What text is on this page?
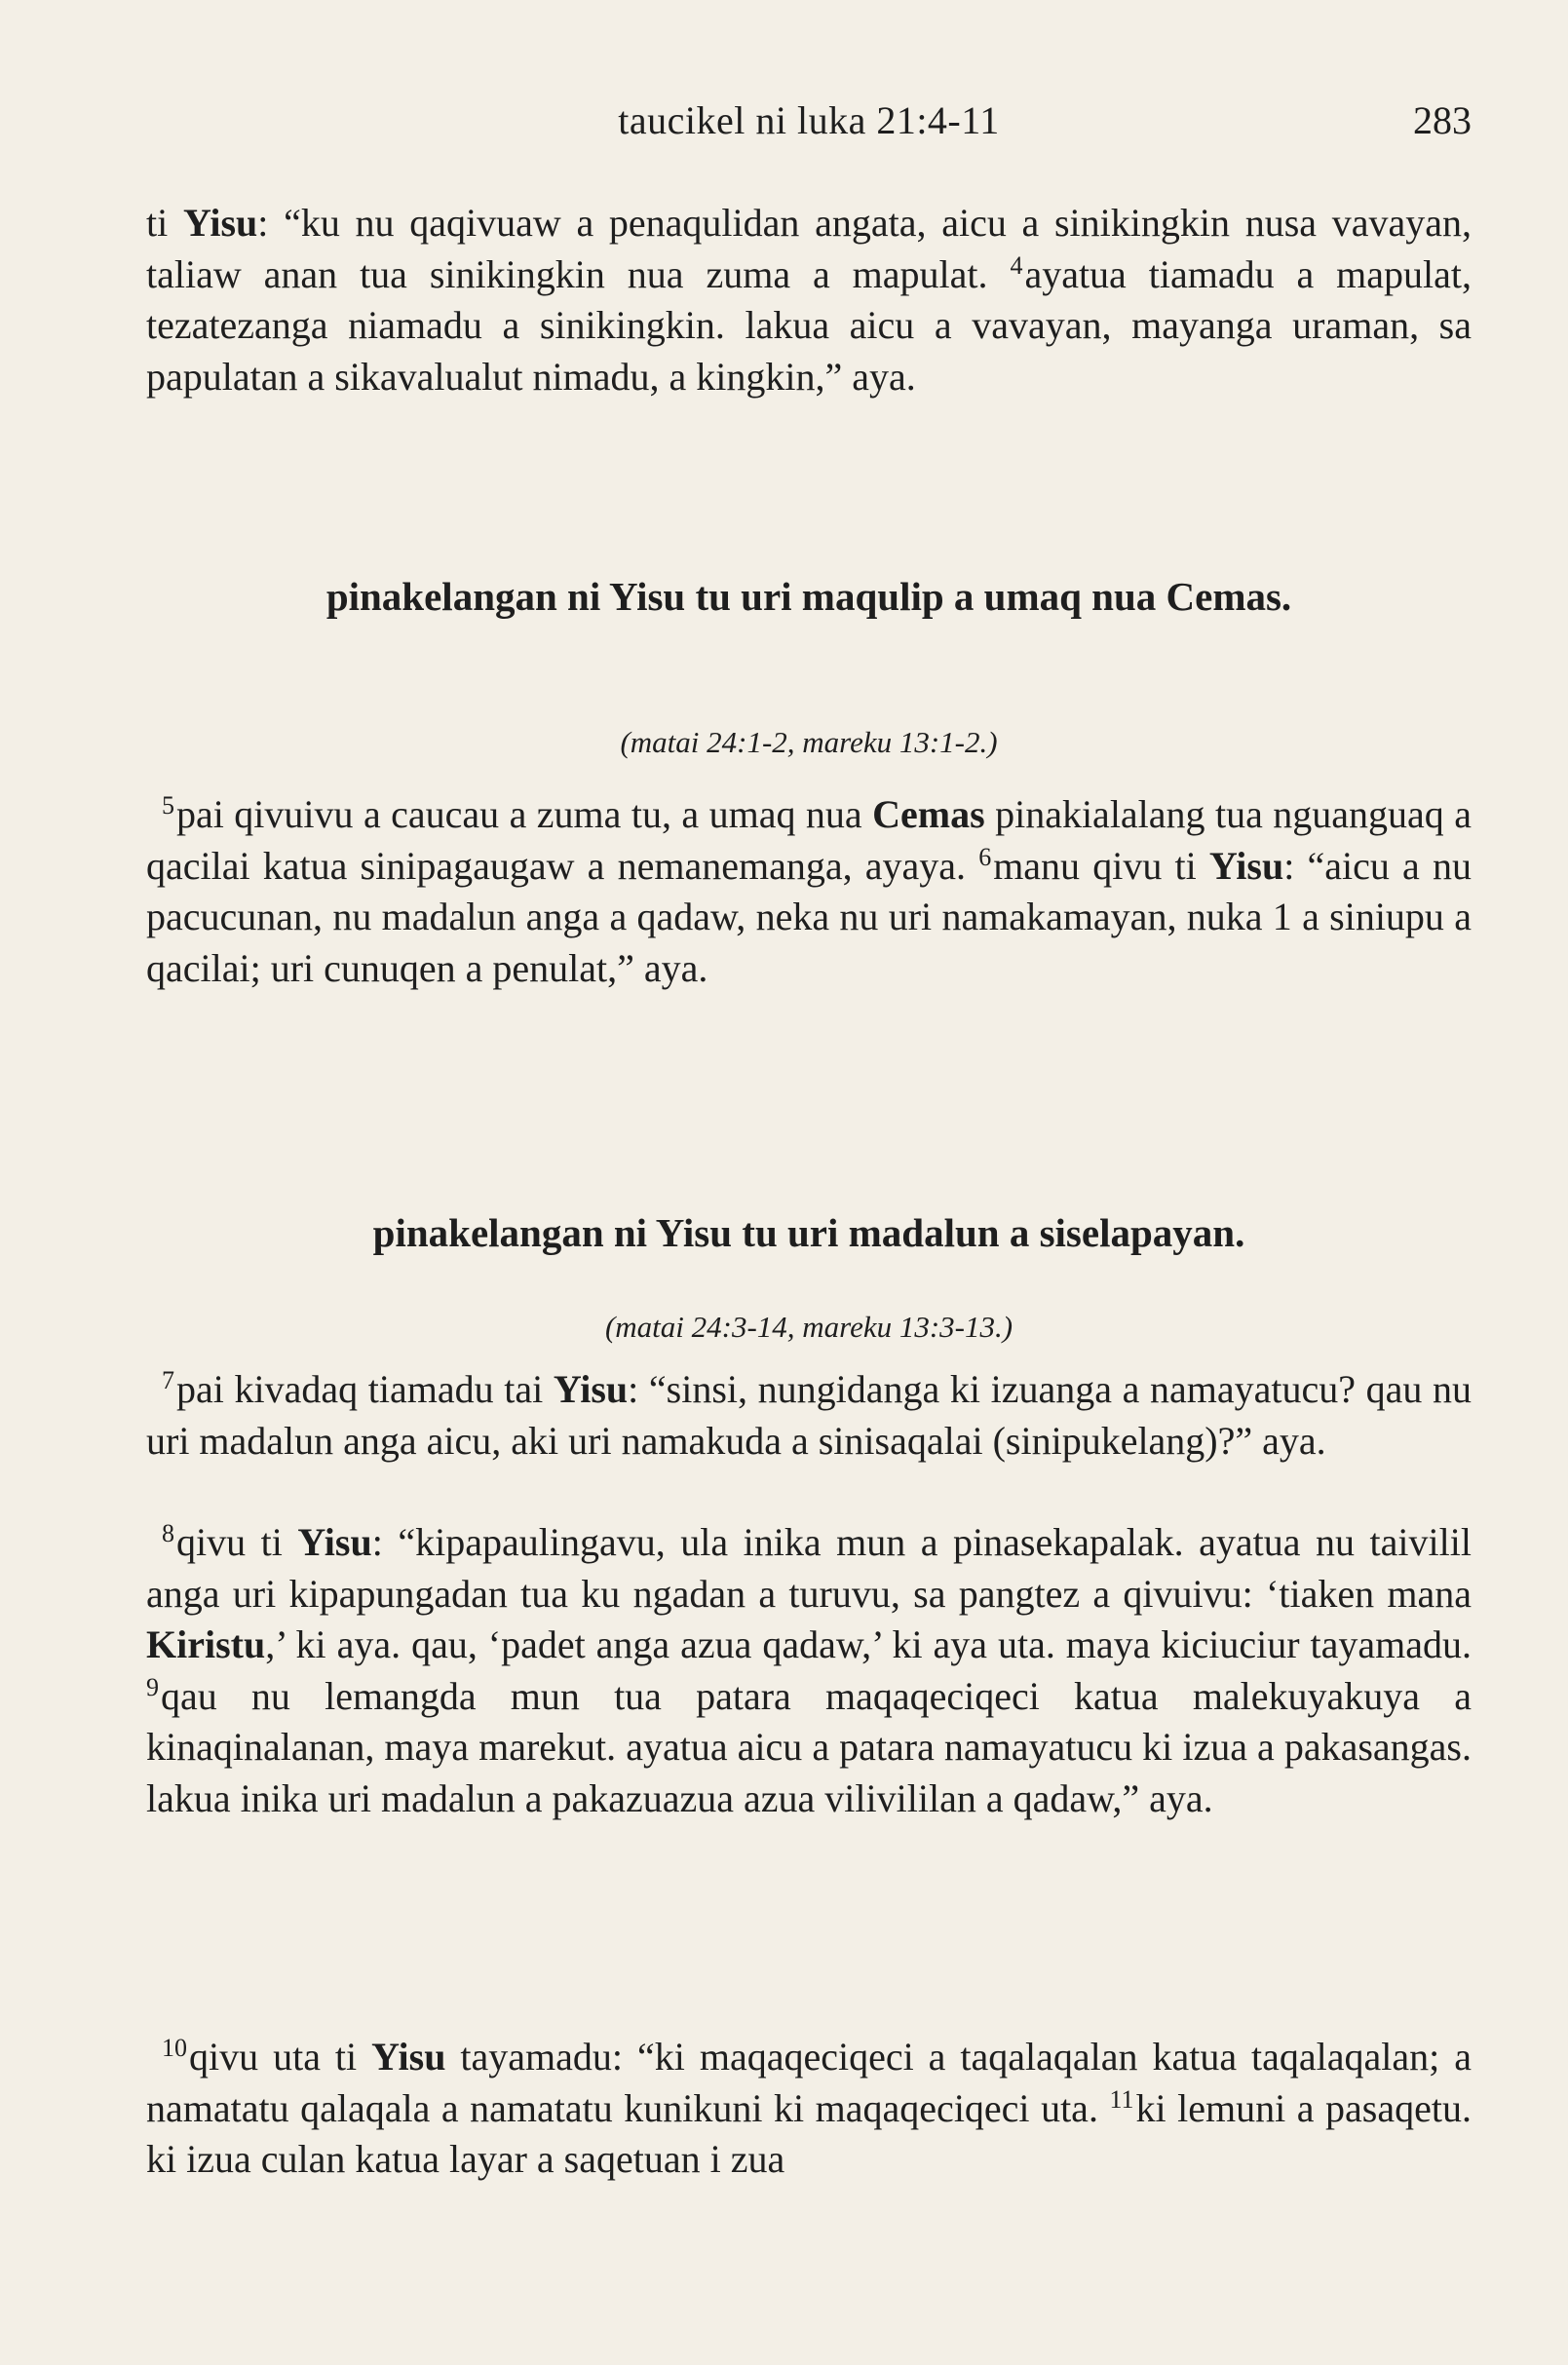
taucikel ni luka 21:4-11	283

ti Yisu: “ku nu qaqivuaw a penaqulidan angata, aicu a sinikingkin nusa vavayan, taliaw anan tua sinikingkin nua zuma a mapulat. $^4$ayatua tiamadu a mapulat, tezatezanga niamadu a sinikingkin. lakua aicu a vavayan, mayanga uraman, sa papulatan a sikavalualut nimadu, a kingkin,” aya.

pinakelangan ni Yisu tu uri maqulip a umaq nua Cemas.
(matai 24:1-2, mareku 13:1-2.)

$^5$pai qivuivu a caucau a zuma tu, a umaq nua Cemas pinakialalang tua nguanguaq a qacilai katua sinipagaugaw a nemanemanga, ayaya. $^6$manu qivu ti Yisu: “aicu a nu pacucunan, nu madalun anga a qadaw, neka nu uri namakamayan, nuka 1 a siniupu a qacilai; uri cunuqen a penulat,” aya.

pinakelangan ni Yisu tu uri madalun a siselapayan.
(matai 24:3-14, mareku 13:3-13.)

$^7$pai kivadaq tiamadu tai Yisu: “sinsi, nungidanga ki izuanga a namayatucu? qau nu uri madalun anga aicu, aki uri namakuda a sinisaqalai (sinipukelang)?” aya.

$^8$qivu ti Yisu: “kipapaulingavu, ula inika mun a pinasekapalak. ayatua nu taivilil anga uri kipapungadan tua ku ngadan a turuvu, sa pangtez a qivuivu: ‘tiaken mana Kiristu,’ ki aya. qau, ‘padet anga azua qadaw,’ ki aya uta. maya kiciuciur tayamadu. $^9$qau nu lemangda mun tua patara maqaqeciqeci katua malekuyakuya a kinaqinalanan, maya marekut. ayatua aicu a patara namayatucu ki izua a pakasangas. lakua inika uri madalun a pakazuazua azua vilivililan a qadaw,” aya.

$^{10}$qivu uta ti Yisu tayamadu: “ki maqaqeciqeci a taqalaqalan katua taqalaqalan; a namatatu qalaqala a namatatu kunikuni ki maqaqeciqeci uta. $^{11}$ki lemuni a pasaqetu. ki izua culan katua layar a saqetuan i zua
